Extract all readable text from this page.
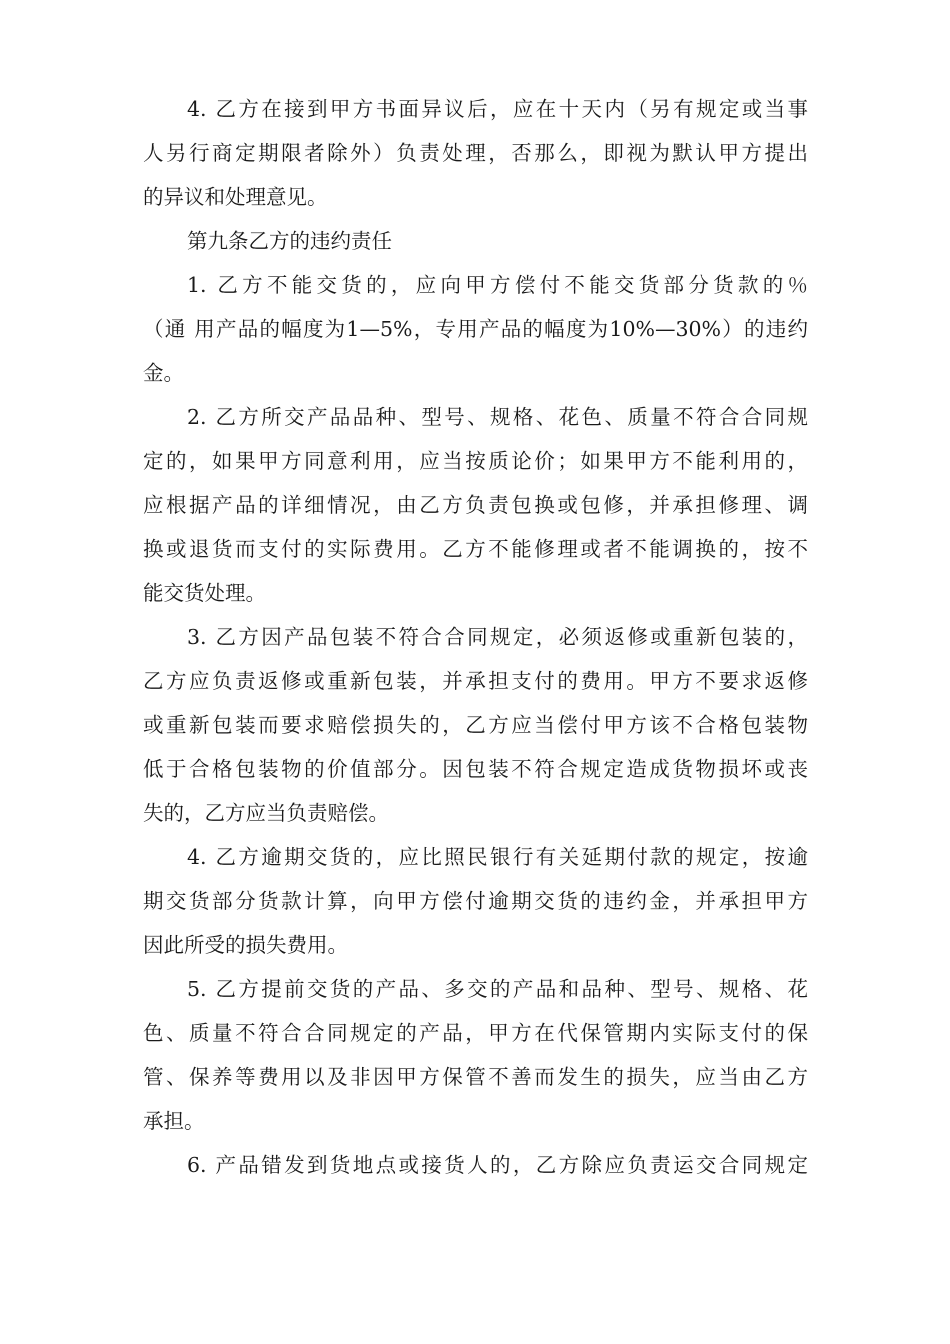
4. 乙方在接到甲方书面异议后，应在十天内（另有规定或当事
人另行商定期限者除外）负责处理，否那么，即视为默认甲方提出
的异议和处理意见。
第九条乙方的违约责任
1. 乙方不能交货的，应向甲方偿付不能交货部分货款的％
（通 用产品的幅度为1—5%，专用产品的幅度为10%—30%）的违约
金。
2. 乙方所交产品品种、型号、规格、花色、质量不符合合同规
定的，如果甲方同意利用，应当按质论价；如果甲方不能利用的，
应根据产品的详细情况，由乙方负责包换或包修，并承担修理、调
换或退货而支付的实际费用。乙方不能修理或者不能调换的，按不
能交货处理。
3. 乙方因产品包装不符合合同规定，必须返修或重新包装的，
乙方应负责返修或重新包装，并承担支付的费用。甲方不要求返修
或重新包装而要求赔偿损失的，乙方应当偿付甲方该不合格包装物
低于合格包装物的价值部分。因包装不符合规定造成货物损坏或丧
失的，乙方应当负责赔偿。
4. 乙方逾期交货的，应比照民银行有关延期付款的规定，按逾
期交货部分货款计算，向甲方偿付逾期交货的违约金，并承担甲方
因此所受的损失费用。
5. 乙方提前交货的产品、多交的产品和品种、型号、规格、花
色、质量不符合合同规定的产品，甲方在代保管期内实际支付的保
管、保养等费用以及非因甲方保管不善而发生的损失，应当由乙方
承担。
6. 产品错发到货地点或接货人的，乙方除应负责运交合同规定
